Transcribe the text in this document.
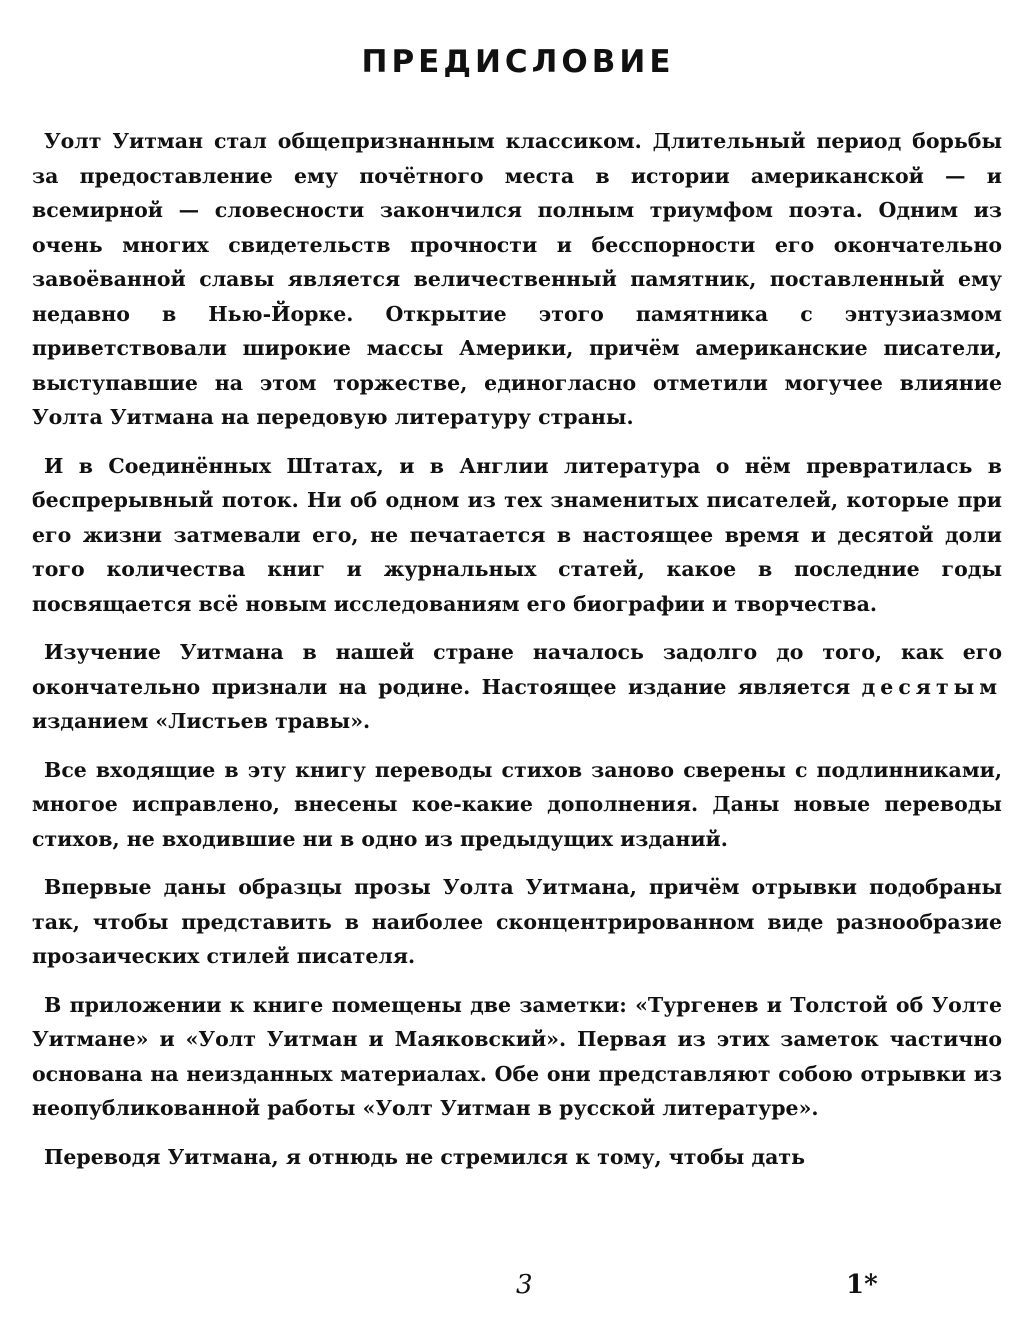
ПРЕДИСЛОВИЕ

Уолт Уитман стал общепризнанным классиком. Длительный период борьбы за предоставление ему почётного места в истории американской — и всемирной — словесности закончился полным триумфом поэта. Одним из очень многих свидетельств прочности и бесспорности его окончательно завоёванной славы является величественный памятник, поставленный ему недавно в Нью-Йорке. Открытие этого памятника с энтузиазмом приветствовали широкие массы Америки, причём американские писатели, выступавшие на этом торжестве, единогласно отметили могучее влияние Уолта Уитмана на передовую литературу страны.

И в Соединённых Штатах, и в Англии литература о нём превратилась в беспрерывный поток. Ни об одном из тех знаменитых писателей, которые при его жизни затмевали его, не печатается в настоящее время и десятой доли того количества книг и журнальных статей, какое в последние годы посвящается всё новым исследованиям его биографии и творчества.

Изучение Уитмана в нашей стране началось задолго до того, как его окончательно признали на родине. Настоящее издание является десятым изданием «Листьев травы».

Все входящие в эту книгу переводы стихов заново сверены с подлинниками, многое исправлено, внесены кое-какие дополнения. Даны новые переводы стихов, не входившие ни в одно из предыдущих изданий.

Впервые даны образцы прозы Уолта Уитмана, причём отрывки подобраны так, чтобы представить в наиболее сконцентрированном виде разнообразие прозаических стилей писателя.

В приложении к книге помещены две заметки: «Тургенев и Толстой об Уолте Уитмане» и «Уолт Уитман и Маяковский». Первая из этих заметок частично основана на неизданных материалах. Обе они представляют собою отрывки из неопубликованной работы «Уолт Уитман в русской литературе».

Переводя Уитмана, я отнюдь не стремился к тому, чтобы дать

3	1*
